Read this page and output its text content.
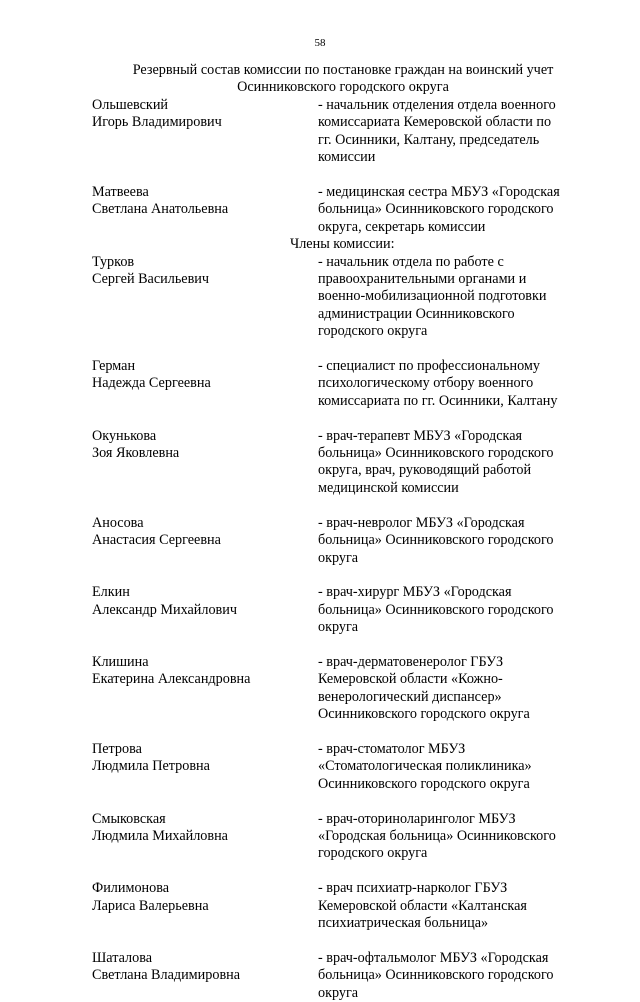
58
Резервный состав комиссии по постановке граждан на воинский учет
Осинниковского городского округа
Ольшевский
Игорь Владимирович
- начальник отделения отдела военного
комиссариата Кемеровской области по
гг. Осинники, Калтану, председатель
комиссии
Матвеева
Светлана Анатольевна
- медицинская сестра МБУЗ «Городская
больница» Осинниковского городского
округа, секретарь комиссии
Члены комиссии:
Турков
Сергей Васильевич
- начальник отдела по работе с
правоохранительными органами и
военно-мобилизационной подготовки
администрации Осинниковского
городского округа
Герман
Надежда Сергеевна
- специалист по профессиональному
психологическому отбору военного
комиссариата по гг. Осинники, Калтану
Окунькова
Зоя Яковлевна
- врач-терапевт МБУЗ «Городская
больница» Осинниковского городского
округа, врач, руководящий работой
медицинской комиссии
Аносова
Анастасия Сергеевна
- врач-невролог МБУЗ «Городская
больница» Осинниковского городского
округа
Елкин
Александр Михайлович
- врач-хирург МБУЗ «Городская
больница» Осинниковского городского
округа
Клишина
Екатерина Александровна
- врач-дерматовенеролог ГБУЗ
Кемеровской области «Кожно-
венерологический диспансер»
Осинниковского городского округа
Петрова
Людмила Петровна
- врач-стоматолог МБУЗ
«Стоматологическая поликлиника»
Осинниковского городского округа
Смыковская
Людмила Михайловна
- врач-оториноларинголог МБУЗ
«Городская больница» Осинниковского
городского округа
Филимонова
Лариса Валерьевна
- врач психиатр-нарколог ГБУЗ
Кемеровской области «Калтанская
психиатрическая больница»
Шаталова
Светлана Владимировна
- врач-офтальмолог МБУЗ «Городская
больница» Осинниковского городского
округа
